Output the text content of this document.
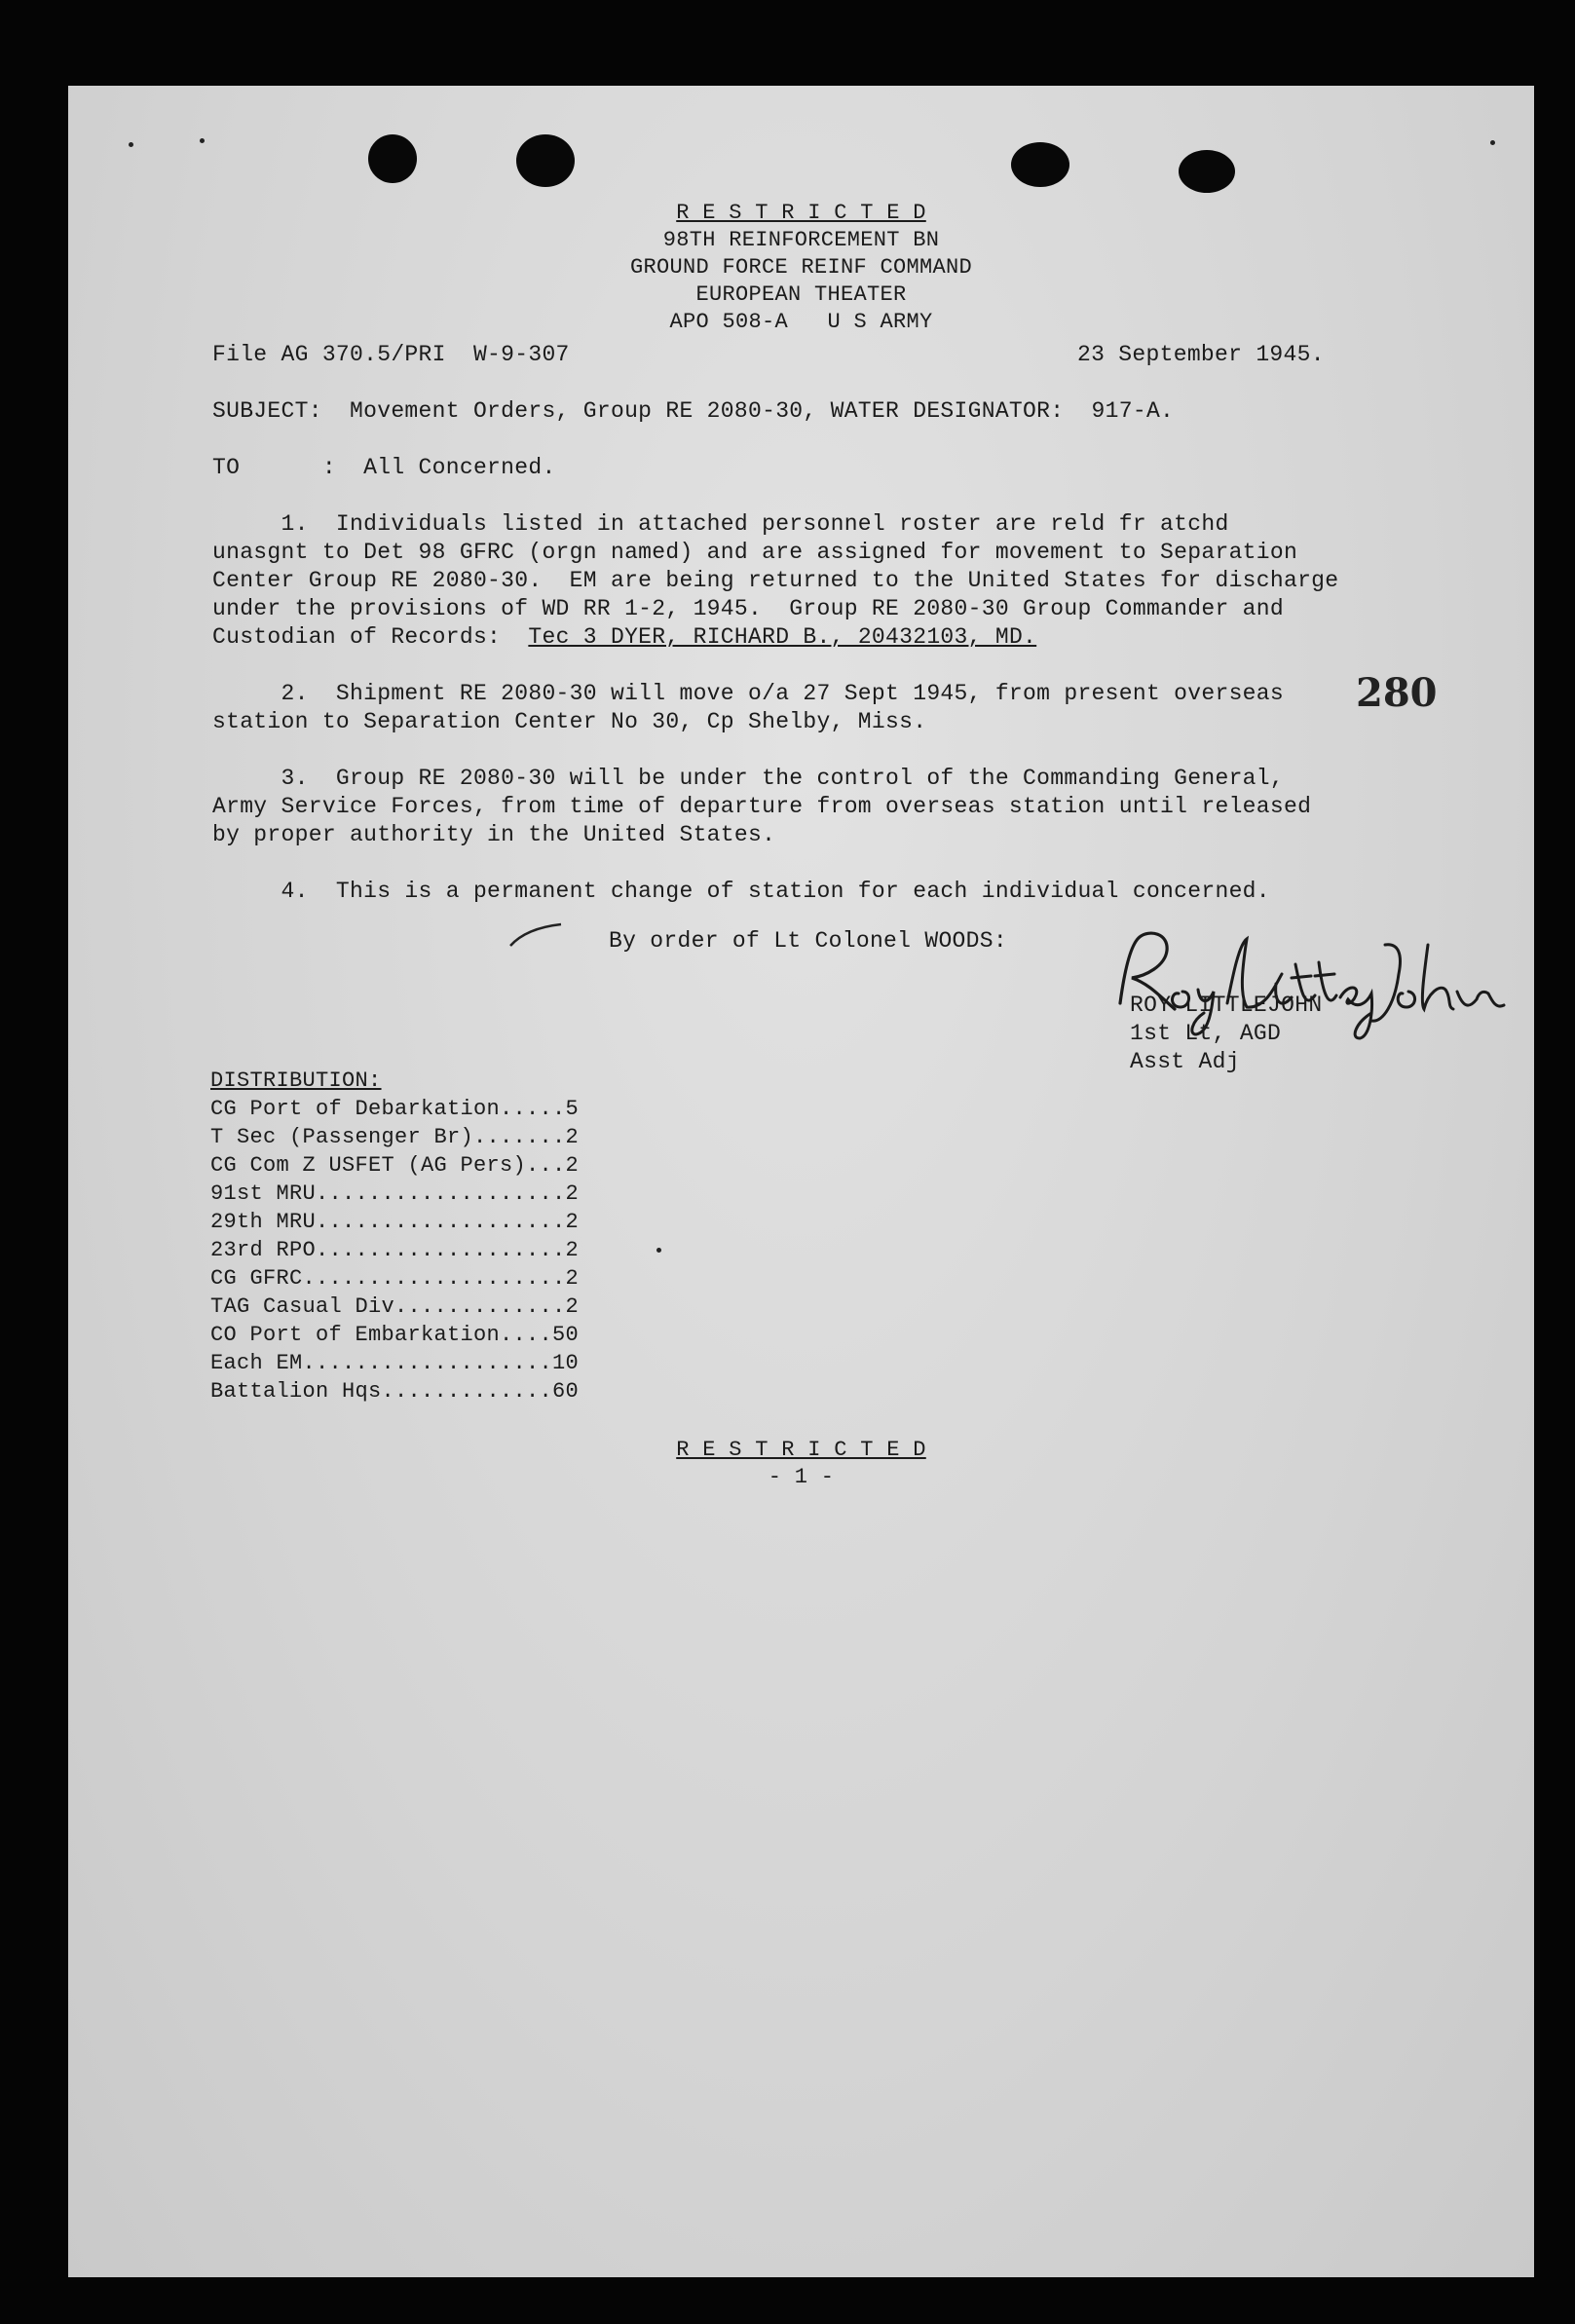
R E S T R I C T E D
98TH REINFORCEMENT BN
GROUND FORCE REINF COMMAND
EUROPEAN THEATER
APO 508-A   U S ARMY
File AG 370.5/PRI  W-9-307	23 September 1945.
SUBJECT:  Movement Orders, Group RE 2080-30, WATER DESIGNATOR:  917-A.
TO      :  All Concerned.
1.  Individuals listed in attached personnel roster are reld fr atchd
unasgnt to Det 98 GFRC (orgn named) and are assigned for movement to Separation
Center Group RE 2080-30.  EM are being returned to the United States for discharge
under the provisions of WD RR 1-2, 1945.  Group RE 2080-30 Group Commander and
Custodian of Records:  Tec 3 DYER, RICHARD B., 20432103, MD.
2.  Shipment RE 2080-30 will move o/a 27 Sept 1945, from present overseas
station to Separation Center No 30, Cp Shelby, Miss.
280
3.  Group RE 2080-30 will be under the control of the Commanding General,
Army Service Forces, from time of departure from overseas station until released
by proper authority in the United States.
4.  This is a permanent change of station for each individual concerned.
By order of Lt Colonel WOODS:
ROY LITTLEJOHN
1st Lt, AGD
Asst Adj
DISTRIBUTION:
CG Port of Debarkation.....5
T Sec (Passenger Br).......2
CG Com Z USFET (AG Pers)...2
91st MRU...................2
29th MRU...................2
23rd RPO...................2
CG GFRC....................2
TAG Casual Div.............2
CO Port of Embarkation....50
Each EM...................10
Battalion Hqs.............60
R E S T R I C T E D
- 1 -
